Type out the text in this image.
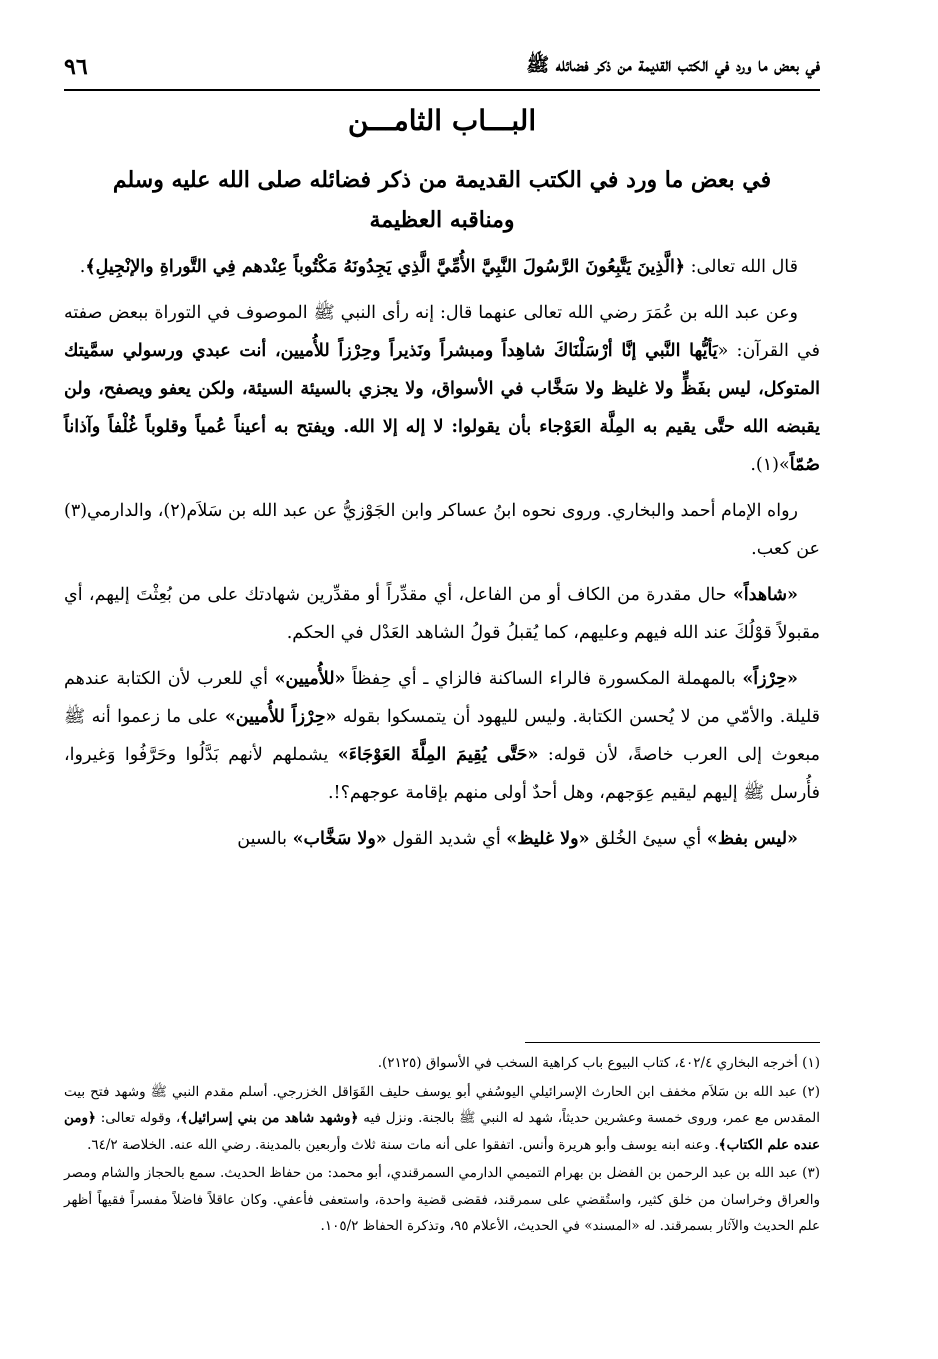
في بعض ما ورد في الكتب القديمة من ذكر فضائله ﷺ
٩٦
البـــاب الثامـــن
في بعض ما ورد في الكتب القديمة من ذكر فضائله صلى الله عليه وسلم
ومناقبه العظيمة

قال الله تعالى: ﴿الَّذِينَ يَتَّبِعُونَ الرَّسُولَ النَّبِيَّ الأُمِّيَّ الَّذِي يَجِدُونَهُ مَكْتُوباً عِنْدهم فِي التَّوراةِ والإنْجِيلِ﴾.

وعن عبد الله بن عُمَرَ رضي الله تعالى عنهما قال: إنه رأى النبي ﷺ الموصوف في التوراة ببعض صفته في القرآن: «يَأيُّها النَّبي إنَّا أرْسَلْنَاكَ شاهِداً ومبشراً ونَذيراً وحِرْزاً للأُميين، أنت عبدي ورسولي سمَّيتك المتوكل، ليس بفَظٍّ ولا غليظ ولا سَخَّاب في الأسواق، ولا يجزي بالسيئة السيئة، ولكن يعفو ويصفح، ولن يقبضه الله حتَّى يقيم به المِلَّة العَوْجاء بأن يقولوا: لا إله إلا الله. ويفتح به أعيناً عُمياً وقلوباً غُلْفاً وآذاناً صُمّاً»(١).

رواه الإمام أحمد والبخاري. وروى نحوه ابنُ عساكر وابن الجَوْزيُّ عن عبد الله بن سَلاَم(٢)، والدارمي(٣) عن كعب.

«شاهداً» حال مقدرة من الكاف أو من الفاعل، أي مقدِّراً أو مقدِّرين شهادتك على من بُعِثْتَ إليهم، أي مقبولاً قوْلُكَ عند الله فيهم وعليهم، كما يُقبلُ قولُ الشاهد العَدْل في الحكم.

«حِرْزاً» بالمهملة المكسورة فالراء الساكنة فالزاي ـ أي حِفظاً «للأُميين» أي للعرب لأن الكتابة عندهم قليلة. والأمّي من لا يُحسن الكتابة. وليس لليهود أن يتمسكوا بقوله «حِرْزاً للأُميين» على ما زعموا أنه ﷺ مبعوث إلى العرب خاصةً، لأن قوله: «حَتَّى يُقِيمَ المِلَّةَ العَوْجَاءَ» يشملهم لأنهم بَدَّلُوا وحَرَّفُوا وَغيروا، فأُرسل ﷺ إليهم ليقيم عِوَجهم، وهل أحدٌ أولى منهم بإقامة عوجهم؟!.

«ليس بفظ» أي سيئ الخُلق «ولا غليظ» أي شديد القول «ولا سَخَّاب» بالسين

(١) أخرجه البخاري ٤٠٢/٤، كتاب البيوع باب كراهية السخب في الأسواق (٢١٢٥).

(٢) عبد الله بن سَلاَم مخفف ابن الحارث الإسرائيلي اليوسُفي أبو يوسف حليف القَوَاقل الخزرجي. أسلم مقدم النبي ﷺ وشهد فتح بيت المقدس مع عمر، وروى خمسة وعشرين حديثاً، شهد له النبي ﷺ بالجنة. ونزل فيه ﴿وشهد شاهد من بني إسرائيل﴾، وقوله تعالى: ﴿ومن عنده علم الكتاب﴾. وعنه ابنه يوسف وأبو هريرة وأنس. اتفقوا على أنه مات سنة ثلاث وأربعين بالمدينة. رضي الله عنه. الخلاصة ٦٤/٢.

(٣) عبد الله بن عبد الرحمن بن الفضل بن بهرام التميمي الدارمي السمرقندي، أبو محمد: من حفاظ الحديث. سمع بالحجاز والشام ومصر والعراق وخراسان من خلق كثير، واستُقضي على سمرقند، فقضى قضية واحدة، واستعفى فأعفي. وكان عاقلاً فاضلاً مفسراً فقيهاً أظهر علم الحديث والآثار بسمرقند. له «المسند» في الحديث، الأعلام ٩٥، وتذكرة الحفاظ ١٠٥/٢.
